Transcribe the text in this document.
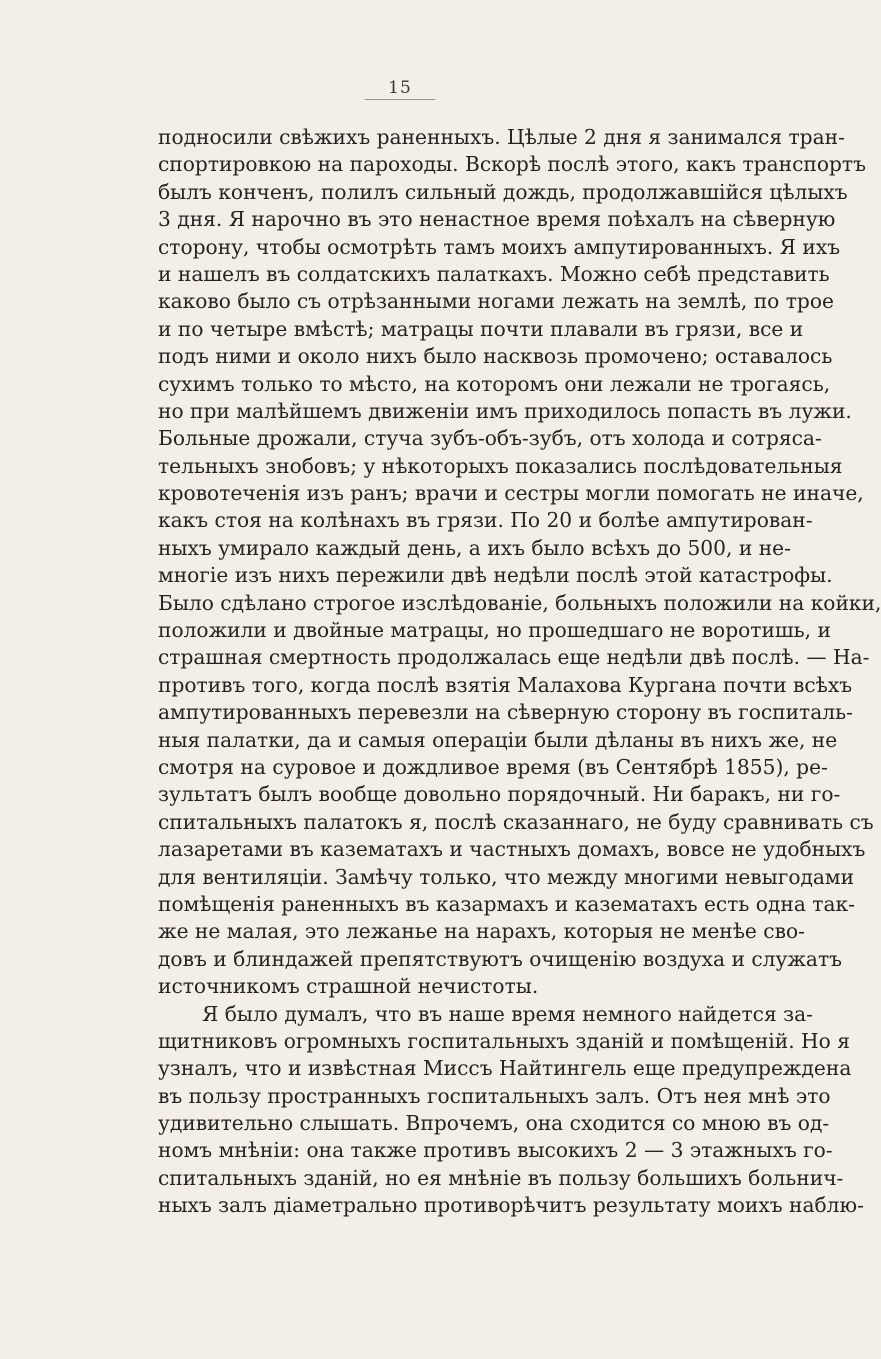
15
подносили свѣжихъ раненныхъ. Цѣлые 2 дня я занимался тран-
спортировкою на пароходы. Вскорѣ послѣ этого, какъ транспортъ
былъ конченъ, полилъ сильный дождь, продолжавшійся цѣлыхъ
3 дня. Я нарочно въ это ненастное время поѣхалъ на сѣверную
сторону, чтобы осмотрѣть тамъ моихъ ампутированныхъ. Я ихъ
и нашелъ въ солдатскихъ палаткахъ. Можно себѣ представить
каково было съ отрѣзанными ногами лежать на землѣ, по трое
и по четыре вмѣстѣ; матрацы почти плавали въ грязи, все и
подъ ними и около нихъ было насквозь промочено; оставалось
сухимъ только то мѣсто, на которомъ они лежали не трогаясь,
но при малѣйшемъ движеніи имъ приходилось попасть въ лужи.
Больные дрожали, стуча зубъ-объ-зубъ, отъ холода и сотряса-
тельныхъ знобовъ; у нѣкоторыхъ показались послѣдовательныя
кровотеченія изъ ранъ; врачи и сестры могли помогать не иначе,
какъ стоя на колѣнахъ въ грязи. По 20 и болѣе ампутирован-
ныхъ умирало каждый день, а ихъ было всѣхъ до 500, и не-
многіе изъ нихъ пережили двѣ недѣли послѣ этой катастрофы.
Было сдѣлано строгое изслѣдованіе, больныхъ положили на койки,
положили и двойные матрацы, но прошедшаго не воротишь, и
страшная смертность продолжалась еще недѣли двѣ послѣ. — На-
противъ того, когда послѣ взятія Малахова Кургана почти всѣхъ
ампутированныхъ перевезли на сѣверную сторону въ госпиталь-
ныя палатки, да и самыя операціи были дѣланы въ нихъ же, не
смотря на суровое и дождливое время (въ Сентябрѣ 1855), ре-
зультатъ былъ вообще довольно порядочный. Ни баракъ, ни го-
спитальныхъ палатокъ я, послѣ сказаннаго, не буду сравнивать съ
лазаретами въ казематахъ и частныхъ домахъ, вовсе не удобныхъ
для вентиляціи. Замѣчу только, что между многими невыгодами
помѣщенія раненныхъ въ казармахъ и казематахъ есть одна так-
же не малая, это лежанье на нарахъ, которыя не менѣе сво-
довъ и блиндажей препятствуютъ очищенію воздуха и служатъ
источникомъ страшной нечистоты.
Я было думалъ, что въ наше время немного найдется за-
щитниковъ огромныхъ госпитальныхъ зданій и помѣщеній. Но я
узналъ, что и извѣстная Миссъ Найтингель еще предупреждена
въ пользу пространныхъ госпитальныхъ залъ. Отъ нея мнѣ это
удивительно слышать. Впрочемъ, она сходится со мною въ од-
номъ мнѣніи: она также противъ высокихъ 2 — 3 этажныхъ го-
спитальныхъ зданій, но ея мнѣніе въ пользу большихъ больнич-
ныхъ залъ діаметрально противорѣчитъ результату моихъ наблю-
